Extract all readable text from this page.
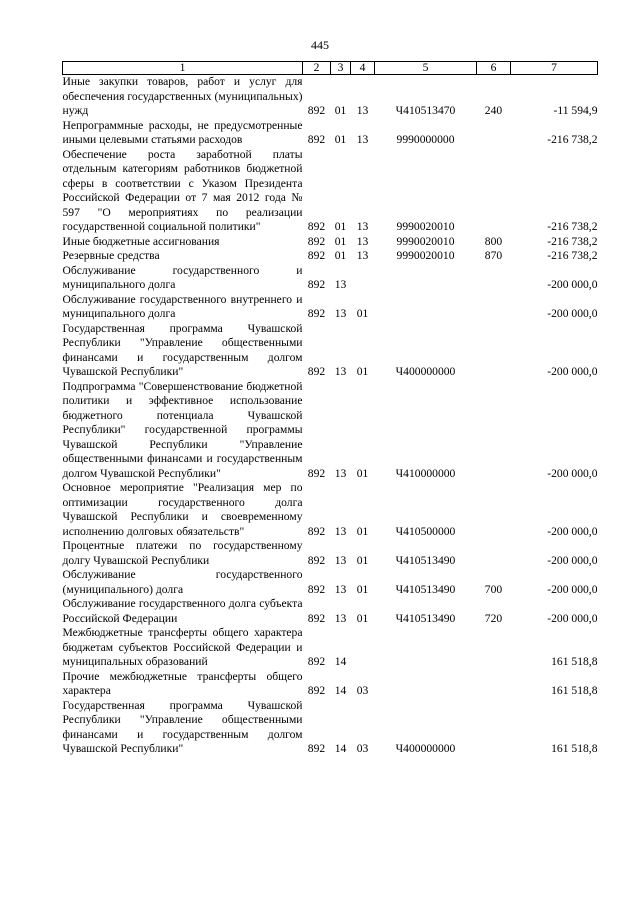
445
1	2	3	4	5	6	7

Иные закупки товаров, работ и услуг для обеспечения государственных (муниципальных) нужд	892	01	13	Ч410513470	240	-11 594,9

Непрограммные расходы, не предусмотренные иными целевыми статьями расходов	892	01	13	9990000000		-216 738,2

Обеспечение роста заработной платы отдельным категориям работников бюджетной сферы в соответствии с Указом Президента Российской Федерации от 7 мая 2012 года № 597 "О мероприятиях по реализации государственной социальной политики"	892	01	13	9990020010		-216 738,2

Иные бюджетные ассигнования	892	01	13	9990020010	800	-216 738,2

Резервные средства	892	01	13	9990020010	870	-216 738,2

Обслуживание государственного и муниципального долга	892	13				-200 000,0

Обслуживание государственного внутреннего и муниципального долга	892	13	01			-200 000,0

Государственная программа Чувашской Республики "Управление общественными финансами и государственным долгом Чувашской Республики"	892	13	01	Ч400000000		-200 000,0

Подпрограмма "Совершенствование бюджетной политики и эффективное использование бюджетного потенциала Чувашской Республики" государственной программы Чувашской Республики "Управление общественными финансами и государственным долгом Чувашской Республики"	892	13	01	Ч410000000		-200 000,0

Основное мероприятие "Реализация мер по оптимизации государственного долга Чувашской Республики и своевременному исполнению долговых обязательств"	892	13	01	Ч410500000		-200 000,0

Процентные платежи по государственному долгу Чувашской Республики	892	13	01	Ч410513490		-200 000,0

Обслуживание государственного (муниципального) долга	892	13	01	Ч410513490	700	-200 000,0

Обслуживание государственного долга субъекта Российской Федерации	892	13	01	Ч410513490	720	-200 000,0

Межбюджетные трансферты общего характера бюджетам субъектов Российской Федерации и муниципальных образований	892	14				161 518,8

Прочие межбюджетные трансферты общего характера	892	14	03			161 518,8

Государственная программа Чувашской Республики "Управление общественными финансами и государственным долгом Чувашской Республики"	892	14	03	Ч400000000		161 518,8
